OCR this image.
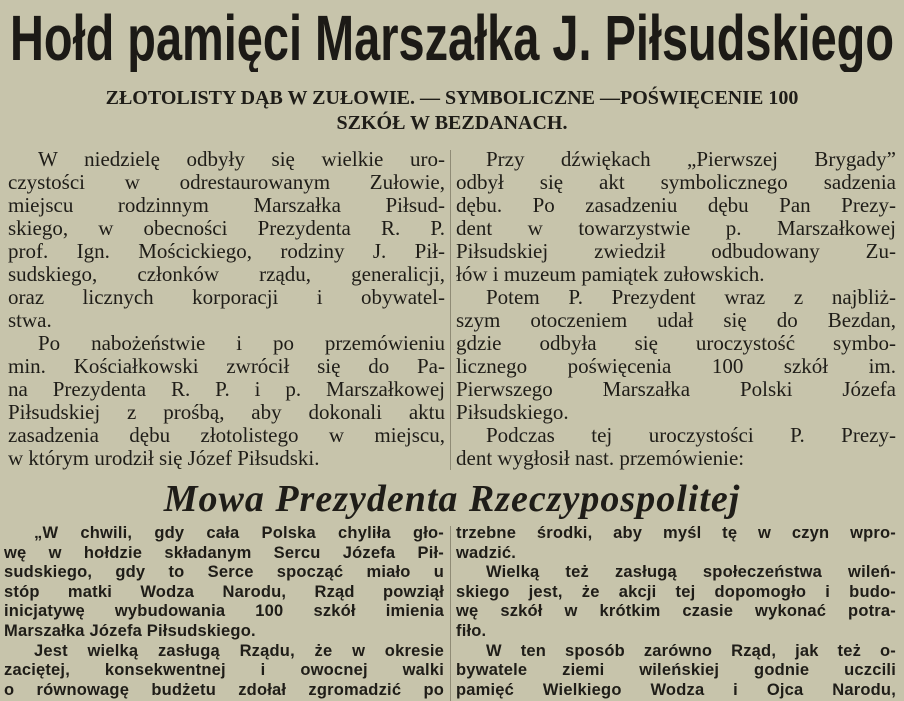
Hołd pamięci Marszałka J. Piłsudskiego
ZŁOTOLISTY DĄB W ZUŁOWIE. — SYMBOLICZNE —POŚWIĘCENIE 100
SZKÓŁ W BEZDANACH.
W niedzielę odbyły się wielkie uro-
czystości w odrestaurowanym Zułowie,
miejscu rodzinnym Marszałka Piłsud-
skiego, w obecności Prezydenta R. P.
prof. Ign. Mościckiego, rodziny J. Pił-
sudskiego, członków rządu, generalicji,
oraz licznych korporacji i obywatel-
stwa.
Po nabożeństwie i po przemówieniu
min. Kościałkowski zwrócił się do Pa-
na Prezydenta R. P. i p. Marszałkowej
Piłsudskiej z prośbą, aby dokonali aktu
zasadzenia dębu złotolistego w miejscu,
w którym urodził się Józef Piłsudski.
Przy dźwiękach „Pierwszej Brygady”
odbył się akt symbolicznego sadzenia
dębu. Po zasadzeniu dębu Pan Prezy-
dent w towarzystwie p. Marszałkowej
Piłsudskiej zwiedził odbudowany Zu-
łów i muzeum pamiątek zułowskich.
Potem P. Prezydent wraz z najbliż-
szym otoczeniem udał się do Bezdan,
gdzie odbyła się uroczystość symbo-
licznego poświęcenia 100 szkół im.
Pierwszego Marszałka Polski Józefa
Piłsudskiego.
Podczas tej uroczystości P. Prezy-
dent wygłosił nast. przemówienie:
Mowa Prezydenta Rzeczypospolitej
„W chwili, gdy cała Polska chyliła gło-
wę w hołdzie składanym Sercu Józefa Pił-
sudskiego, gdy to Serce spocząć miało u
stóp matki Wodza Narodu, Rząd powziął
inicjatywę wybudowania 100 szkół imienia
Marszałka Józefa Piłsudskiego.
Jest wielką zasługą Rządu, że w okresie
zaciętej, konsekwentnej i owocnej walki
o równowagę budżetu zdołał zgromadzić po
trzebne środki, aby myśl tę w czyn wpro-
wadzić.
Wielką też zasługą społeczeństwa wileń-
skiego jest, że akcji tej dopomogło i budo-
wę szkół w krótkim czasie wykonać potra-
fiło.
W ten sposób zarówno Rząd, jak też o-
bywatele ziemi wileńskiej godnie uczcili
pamięć Wielkiego Wodza i Ojca Narodu,
